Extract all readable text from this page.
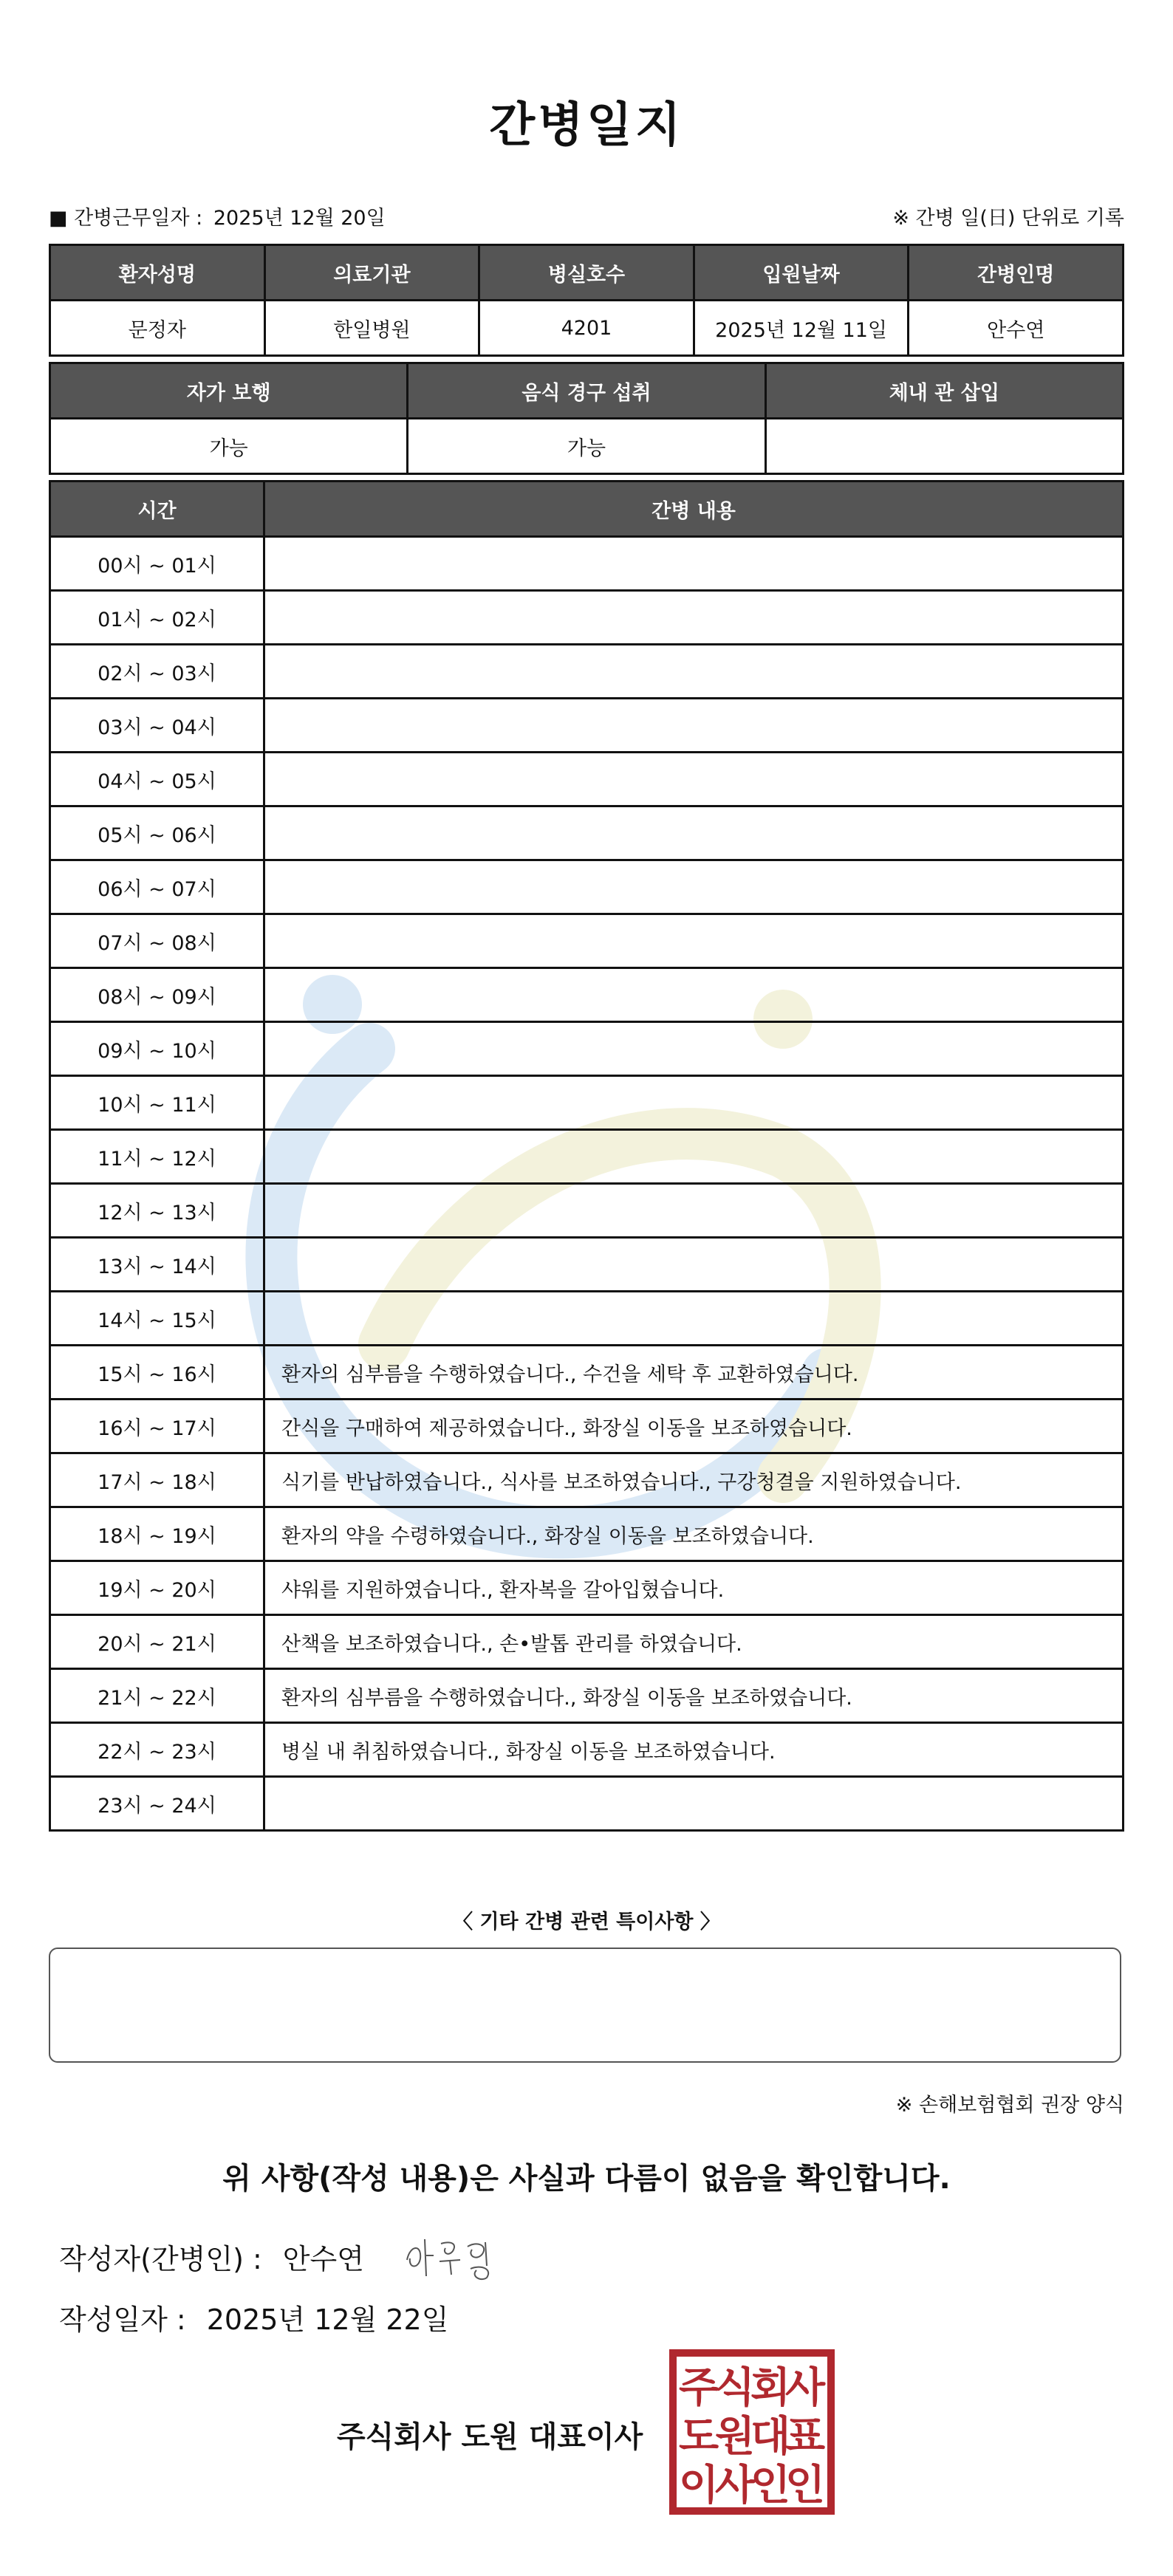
간병일지
■ 간병근무일자 : 2025년 12월 20일	※ 간병 일(日) 단위로 기록
환자성명	의료기관	병실호수	입원날짜	간병인명
문정자	한일병원	4201	2025년 12월 11일	안수연
자가 보행	음식 경구 섭취	체내 관 삽입
가능	가능	
시간	간병 내용
00시 ~ 01시	
01시 ~ 02시	
02시 ~ 03시	
03시 ~ 04시	
04시 ~ 05시	
05시 ~ 06시	
06시 ~ 07시	
07시 ~ 08시	
08시 ~ 09시	
09시 ~ 10시	
10시 ~ 11시	
11시 ~ 12시	
12시 ~ 13시	
13시 ~ 14시	
14시 ~ 15시	
15시 ~ 16시	환자의 심부름을 수행하였습니다., 수건을 세탁 후 교환하였습니다.
16시 ~ 17시	간식을 구매하여 제공하였습니다., 화장실 이동을 보조하였습니다.
17시 ~ 18시	식기를 반납하였습니다., 식사를 보조하였습니다., 구강청결을 지원하였습니다.
18시 ~ 19시	환자의 약을 수령하였습니다., 화장실 이동을 보조하였습니다.
19시 ~ 20시	샤워를 지원하였습니다., 환자복을 갈아입혔습니다.
20시 ~ 21시	산책을 보조하였습니다., 손•발톱 관리를 하였습니다.
21시 ~ 22시	환자의 심부름을 수행하였습니다., 화장실 이동을 보조하였습니다.
22시 ~ 23시	병실 내 취침하였습니다., 화장실 이동을 보조하였습니다.
23시 ~ 24시	
〈 기타 간병 관련 특이사항 〉
※ 손해보험협회 권장 양식
위 사항(작성 내용)은 사실과 다름이 없음을 확인합니다.
작성자(간병인) : 안수연
작성일자 : 2025년 12월 22일
주식회사 도원 대표이사
주
식
회
사
도
원
대
표
이
사
인
인
